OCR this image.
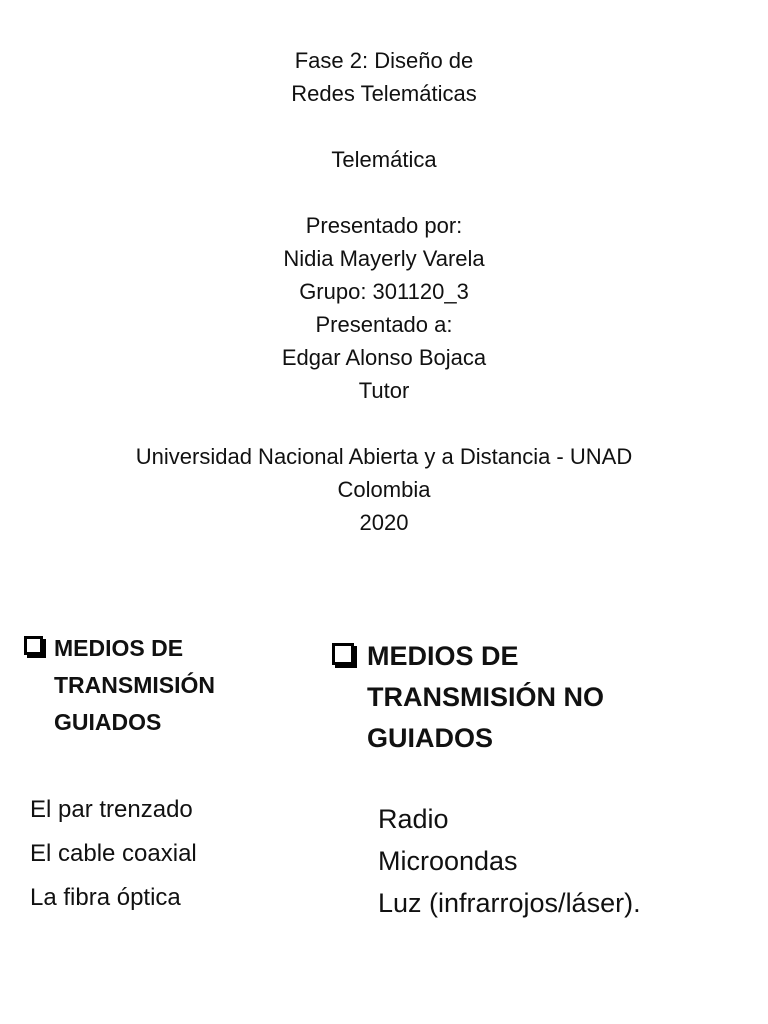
Fase 2: Diseño de
Redes Telemáticas
Telemática
Presentado por:
Nidia Mayerly Varela
Grupo: 301120_3
Presentado a:
Edgar Alonso Bojaca
Tutor
Universidad Nacional Abierta y a Distancia - UNAD
Colombia
2020
MEDIOS DE
TRANSMISIÓN
GUIADOS
El par trenzado
El cable coaxial
La fibra óptica
MEDIOS DE
TRANSMISIÓN NO
GUIADOS
Radio
Microondas
Luz (infrarrojos/láser).
